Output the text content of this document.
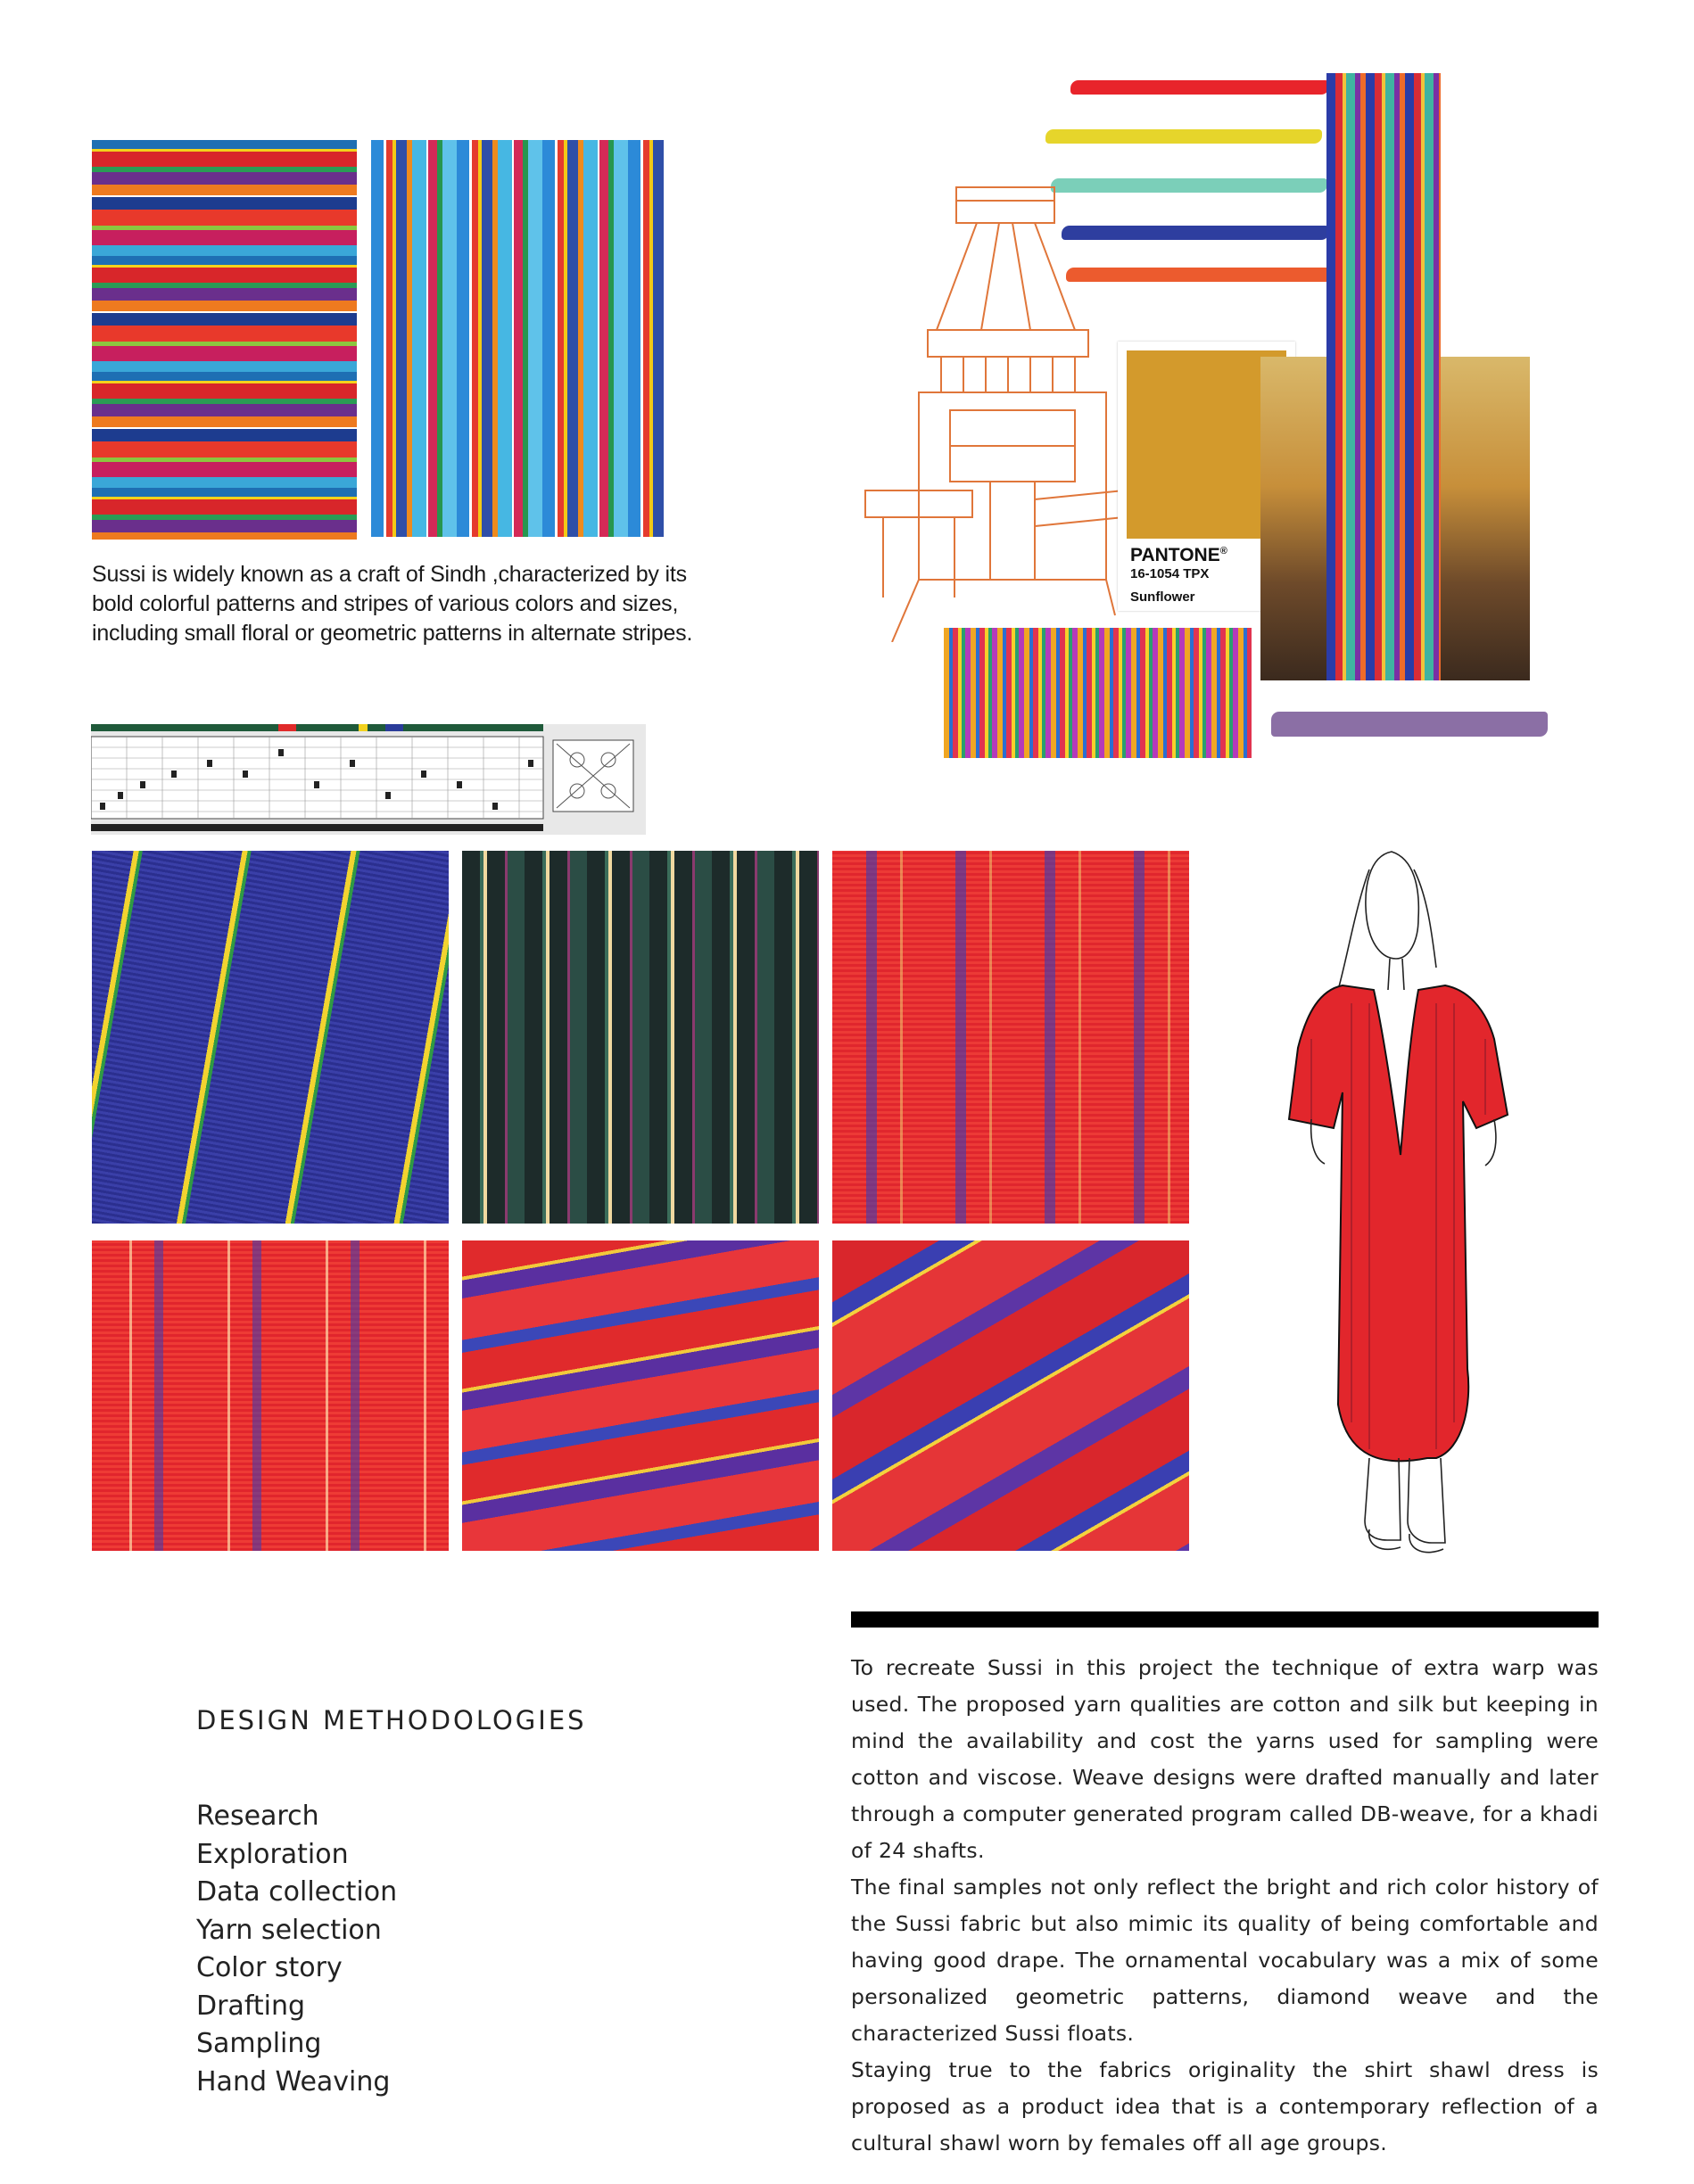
Sussi is widely known as a craft of Sindh ,characterized by its
bold colorful patterns and stripes of various colors and sizes,
including small floral or geometric patterns in alternate stripes.
PANTONE®
16-1054 TPX
Sunflower
DESIGN METHODOLOGIES
Research
Exploration
Data collection
Yarn selection
Color story
Drafting
Sampling
Hand Weaving

To recreate Sussi in this project the technique of extra warp was used. The proposed yarn qualities are cotton and silk but keeping in mind the availability and cost the yarns used for sampling were cotton and viscose. Weave designs were drafted manually and later through a computer generated program called DB-weave, for a khadi of 24 shafts.

The final samples not only reflect the bright and rich color history of the Sussi fabric but also mimic its quality of being comfortable and having good drape. The ornamental vocabulary was a mix of some personalized geometric patterns, diamond weave and the characterized Sussi floats.

Staying true to the fabrics originality the shirt shawl dress is proposed as a product idea that is a contemporary reflection of a cultural shawl worn by females off all age groups.
